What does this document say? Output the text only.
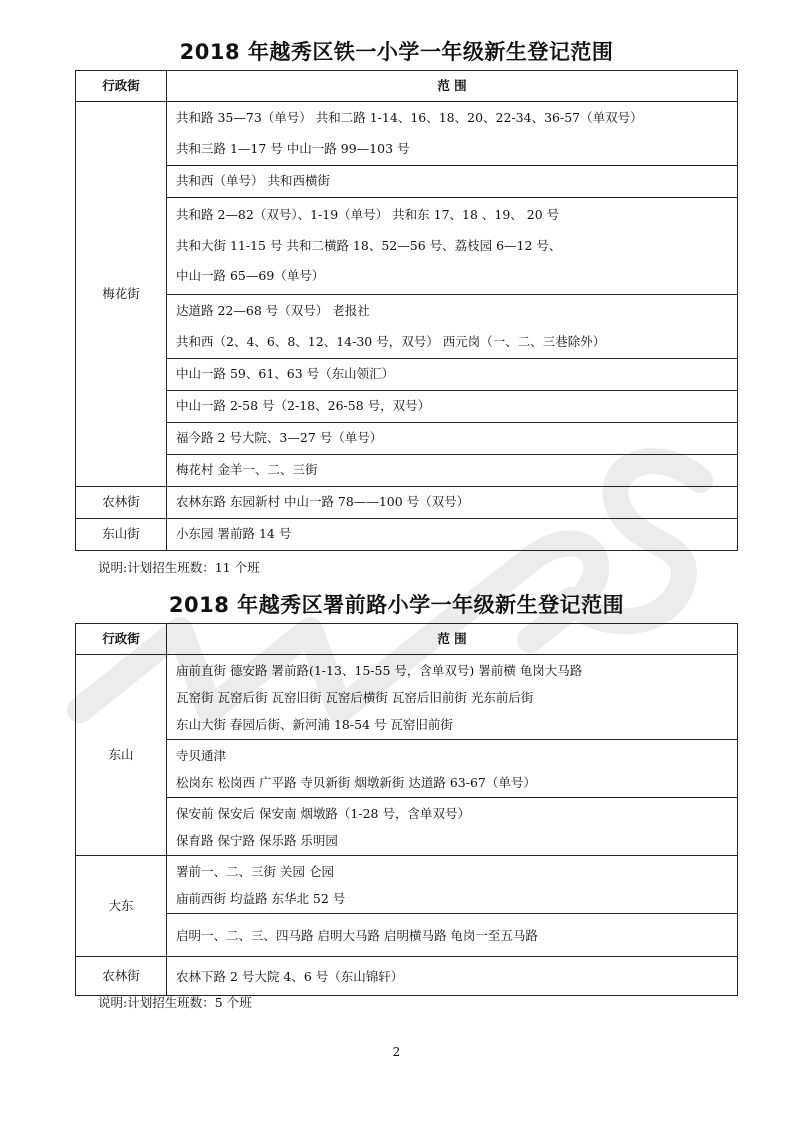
2018 年越秀区铁一小学一年级新生登记范围
行政街	范 围
梅花街	共和路 35—73（单号） 共和二路 1-14、16、18、20、22-34、36-57（单双号）
共和三路 1—17 号 中山一路 99—103 号

	共和西（单号） 共和西横街

	共和路 2—82（双号）、1-19（单号） 共和东 17、18 、19、 20 号
共和大街 11-15 号 共和二横路 18、52—56 号、荔枝园 6—12 号、
中山一路 65—69（单号）

	达道路 22—68 号（双号） 老报社
共和西（2、4、6、8、12、14-30 号，双号） 西元岗（一、二、三巷除外）

	中山一路 59、61、63 号（东山领汇）

	中山一路 2-58 号（2-18、26-58 号，双号）

	福今路 2 号大院、3—27 号（单号）

	梅花村 金羊一、二、三街

农林街	农林东路 东园新村 中山一路 78——100 号（双号）

东山街	小东园 署前路 14 号
说明:计划招生班数：11 个班
2018 年越秀区署前路小学一年级新生登记范围
行政街	范 围
东山	庙前直街 德安路 署前路(1-13、15-55 号，含单双号) 署前横 龟岗大马路
瓦窑街 瓦窑后街 瓦窑旧街 瓦窑后横街 瓦窑后旧前街 光东前后街
东山大街 春园后街、新河浦 18-54 号 瓦窑旧前街

	寺贝通津
松岗东 松岗西 广平路 寺贝新街 烟墩新街 达道路 63-67（单号）

	保安前 保安后 保安南 烟墩路（1-28 号，含单双号）
保育路 保宁路 保乐路 乐明园

大东	署前一、二、三街 关园 仑园
庙前西街 均益路 东华北 52 号

	启明一、二、三、四马路 启明大马路 启明横马路 龟岗一至五马路

农林街	农林下路 2 号大院 4、6 号（东山锦轩）
说明:计划招生班数：5 个班
2
